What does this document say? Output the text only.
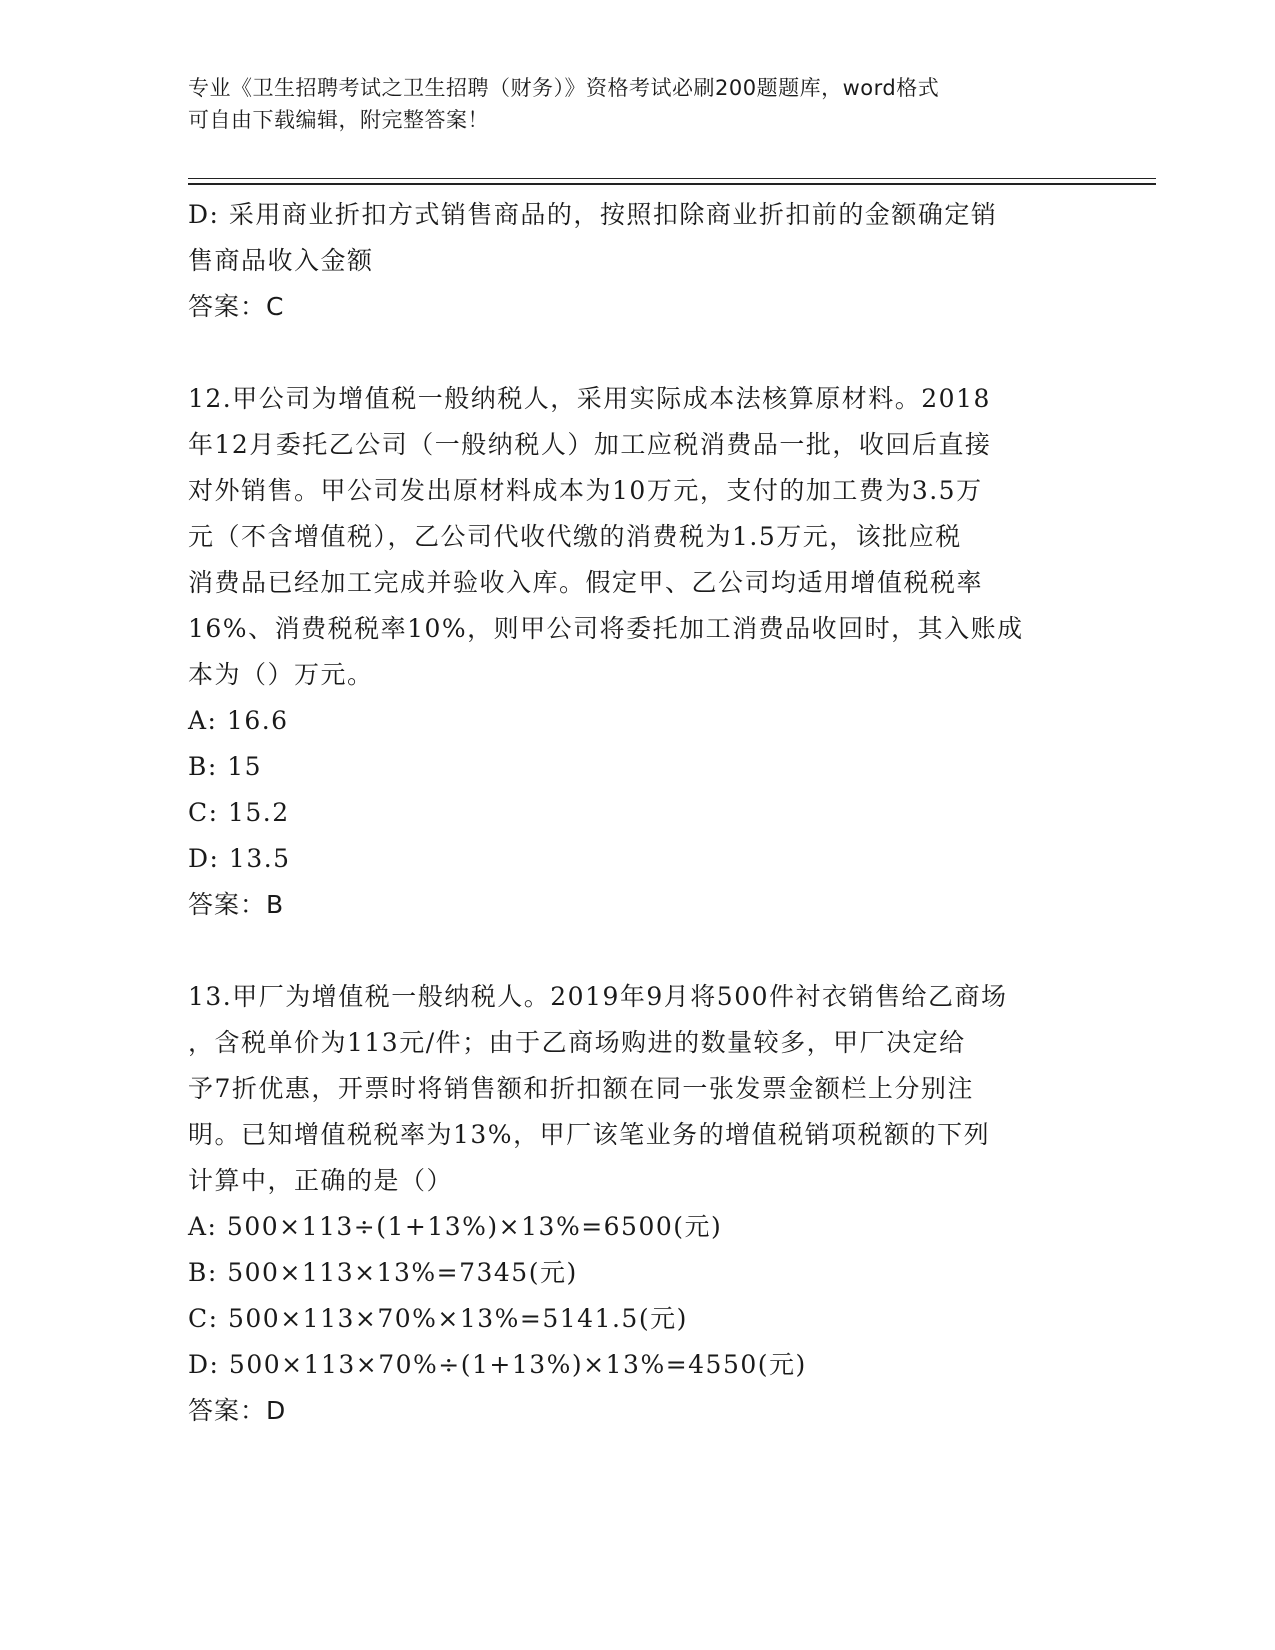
专业《卫生招聘考试之卫生招聘（财务）》资格考试必刷200题题库，word格式
可自由下载编辑，附完整答案！
D: 采用商业折扣方式销售商品的，按照扣除商业折扣前的金额确定销
售商品收入金额
答案：C
12.甲公司为增值税一般纳税人，采用实际成本法核算原材料。2018
年12月委托乙公司（一般纳税人）加工应税消费品一批，收回后直接
对外销售。甲公司发出原材料成本为10万元，支付的加工费为3.5万
元（不含增值税），乙公司代收代缴的消费税为1.5万元，该批应税
消费品已经加工完成并验收入库。假定甲、乙公司均适用增值税税率
16%、消费税税率10%，则甲公司将委托加工消费品收回时，其入账成
本为（）万元。
A: 16.6
B: 15
C: 15.2
D: 13.5
答案：B
13.甲厂为增值税一般纳税人。2019年9月将500件衬衣销售给乙商场
，含税单价为113元/件；由于乙商场购进的数量较多，甲厂决定给
予7折优惠，开票时将销售额和折扣额在同一张发票金额栏上分别注
明。已知增值税税率为13%，甲厂该笔业务的增值税销项税额的下列
计算中，正确的是（）
A: 500×113÷(1+13%)×13%=6500(元)
B: 500×113×13%=7345(元)
C: 500×113×70%×13%=5141.5(元)
D: 500×113×70%÷(1+13%)×13%=4550(元)
答案：D
